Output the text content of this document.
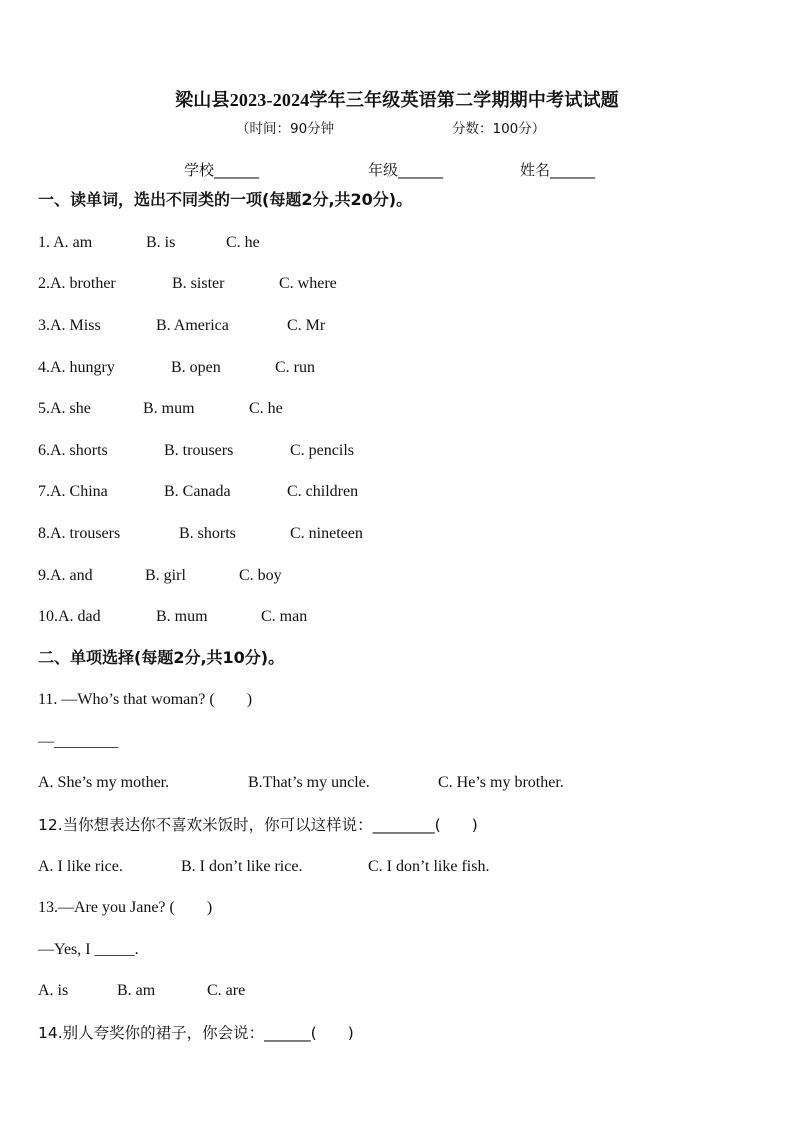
梁山县2023-2024学年三年级英语第二学期期中考试试题
（时间：90分钟	分数：100分）
学校______	年级______	姓名______
一、读单词，选出不同类的一项(每题2分,共20分)。
1. A. am	B. is	C. he
2.A. brother	B. sister	C. where
3.A. Miss	B. America	C. Mr
4.A. hungry	B. open	C. run
5.A. she	B. mum	C. he
6.A. shorts	B. trousers	C. pencils
7.A. China	B. Canada	C. children
8.A. trousers	B. shorts	C. nineteen
9.A. and	B. girl	C. boy
10.A. dad	B. mum	C. man
二、单项选择(每题2分,共10分)。
11. —Who’s that woman? (　　)
—________
A. She’s my mother.	B.That’s my uncle.	C. He’s my brother.
12.当你想表达你不喜欢米饭时，你可以这样说：________(　　)
A. I like rice.	B. I don’t like rice.	C. I don’t like fish.
13.—Are you Jane? (　　)
—Yes, I _____.
A. is	B. am	C. are
14.别人夸奖你的裙子，你会说：______(　　)
